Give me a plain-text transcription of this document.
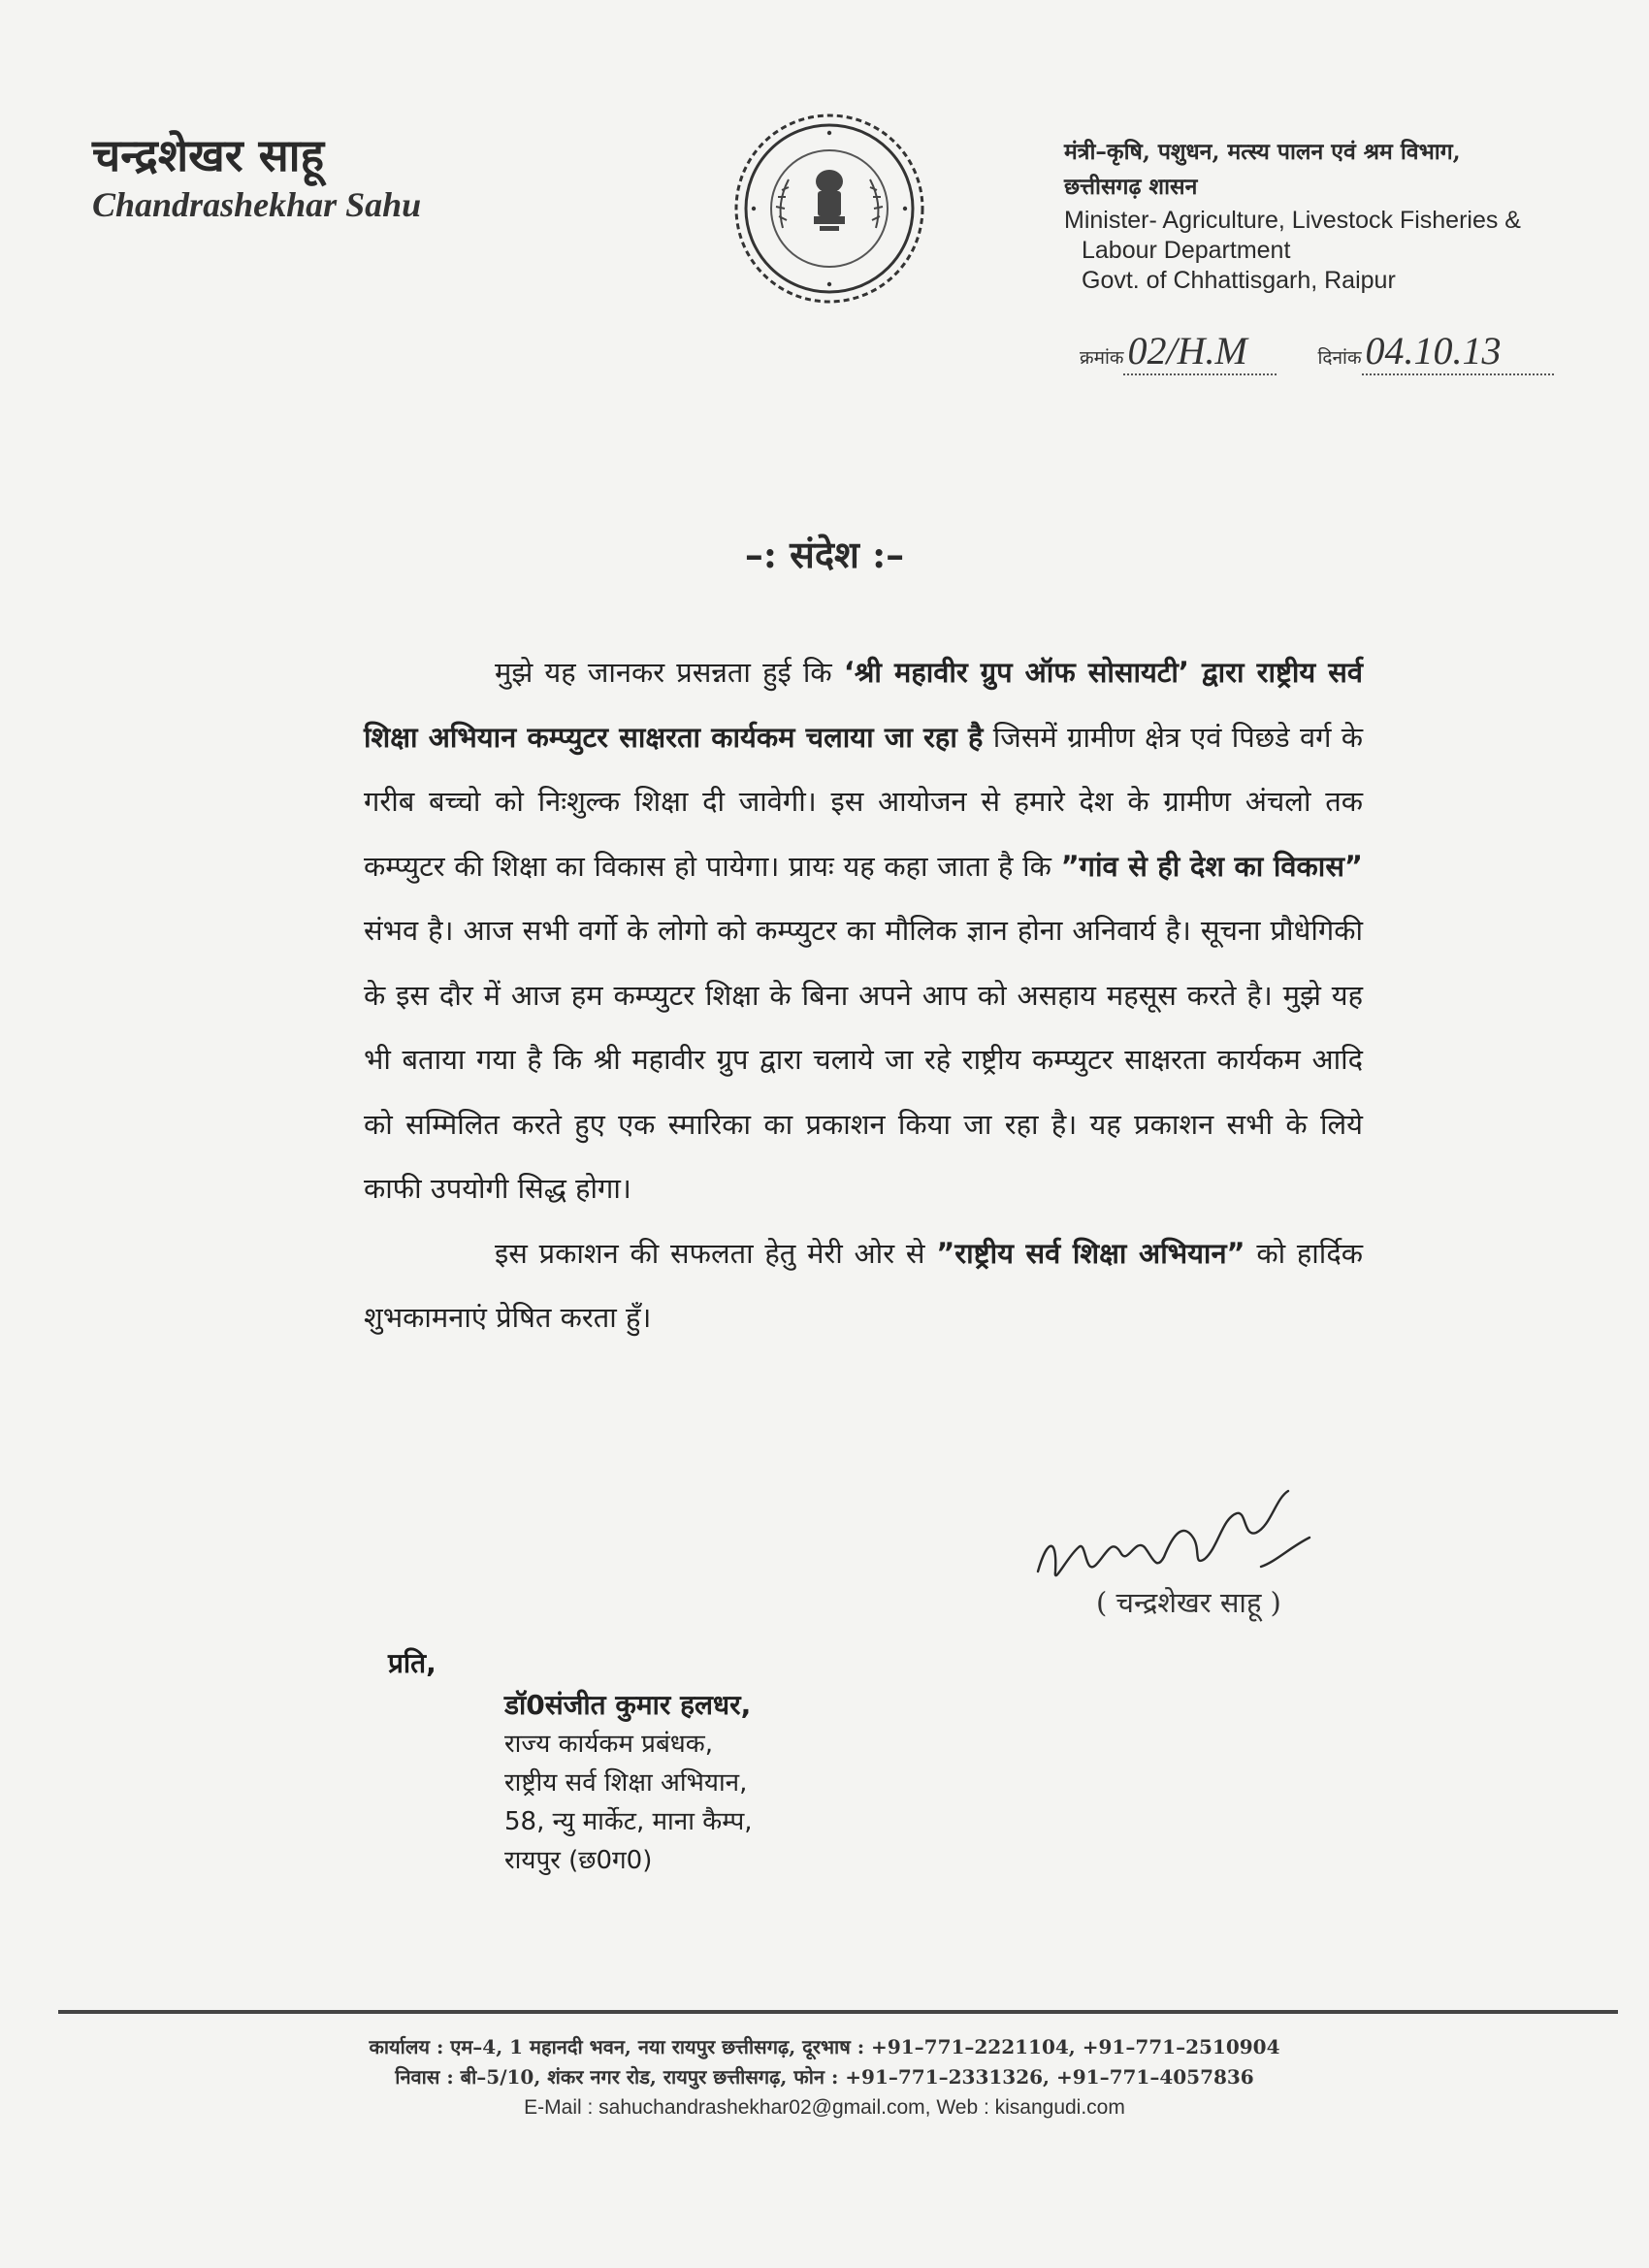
चन्द्रशेखर साहू
Chandrashekhar Sahu
मंत्री–कृषि, पशुधन, मत्स्य पालन एवं श्रम विभाग,
छत्तीसगढ़ शासन
Minister- Agriculture, Livestock Fisheries &
Labour Department
Govt. of Chhattisgarh, Raipur
क्रमांक 02/H.M	दिनांक 04.10.13
–: संदेश :–

मुझे यह जानकर प्रसन्नता हुई कि ‘श्री महावीर ग्रुप ऑफ सोसायटी’ द्वारा राष्ट्रीय सर्व शिक्षा अभियान कम्प्युटर साक्षरता कार्यकम चलाया जा रहा है जिसमें ग्रामीण क्षेत्र एवं पिछडे वर्ग के गरीब बच्चो को निःशुल्क शिक्षा दी जावेगी। इस आयोजन से हमारे देश के ग्रामीण अंचलो तक कम्प्युटर की शिक्षा का विकास हो पायेगा। प्रायः यह कहा जाता है कि ”गांव से ही देश का विकास” संभव है। आज सभी वर्गो के लोगो को कम्प्युटर का मौलिक ज्ञान होना अनिवार्य है। सूचना प्रौधेगिकी के इस दौर में आज हम कम्प्युटर शिक्षा के बिना अपने आप को असहाय महसूस करते है। मुझे यह भी बताया गया है कि श्री महावीर ग्रुप द्वारा चलाये जा रहे राष्ट्रीय कम्प्युटर साक्षरता कार्यकम आदि को सम्मिलित करते हुए एक स्मारिका का प्रकाशन किया जा रहा है। यह प्रकाशन सभी के लिये काफी उपयोगी सिद्ध होगा।

इस प्रकाशन की सफलता हेतु मेरी ओर से ”राष्ट्रीय सर्व शिक्षा अभियान” को हार्दिक शुभकामनाएं प्रेषित करता हुँ।

( चन्द्रशेखर साहू )
प्रति,
डॉ0संजीत कुमार हलधर,
राज्य कार्यकम प्रबंधक,
राष्ट्रीय सर्व शिक्षा अभियान,
58, न्यु मार्केट, माना कैम्प,
रायपुर (छ0ग0)
कार्यालय : एम–4, 1 महानदी भवन, नया रायपुर छत्तीसगढ़, दूरभाष : +91–771–2221104, +91–771–2510904
निवास : बी–5/10, शंकर नगर रोड, रायपुर छत्तीसगढ़, फोन : +91–771–2331326, +91–771–4057836
E-Mail : sahuchandrashekhar02@gmail.com, Web : kisangudi.com
